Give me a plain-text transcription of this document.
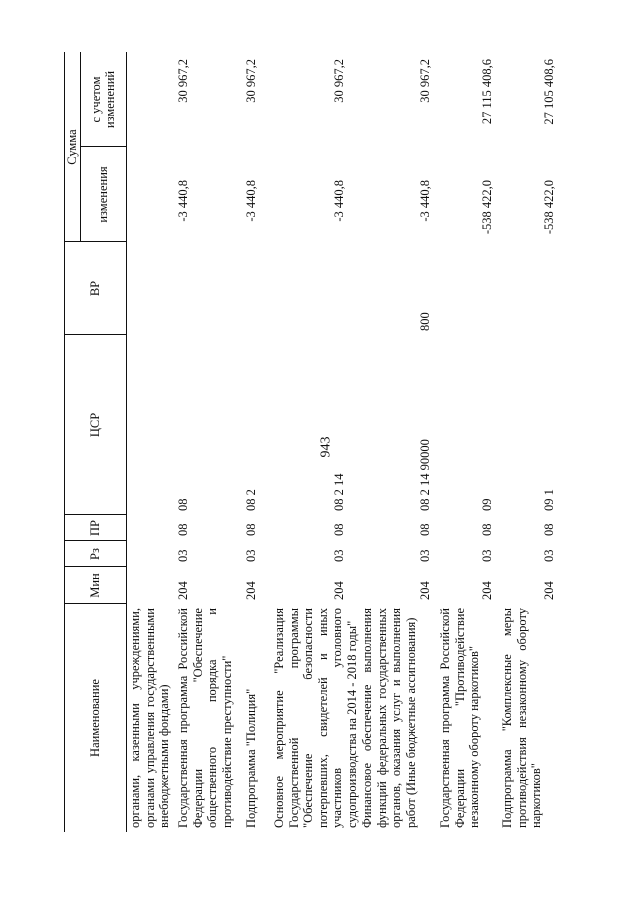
943
Наименование
Мин
Рз
ПР
ЦСР
ВР
Сумма
изменения
с учетом изменений
органами, казенными учреждениями, органами управления государственными внебюджетными фондами) Государственная программа Российской Федерации "Обеспечение общественного порядка и противодействие преступности"
204
03
08
08
-3 440,8
30 967,2
Подпрограмма "Полиция"
204
03
08
08 2
-3 440,8
30 967,2
Основное мероприятие "Реализация Государственной программы "Обеспечение безопасности потерпевших, свидетелей и иных участников уголовного судопроизводства на 2014 - 2018 годы"
204
03
08
08 2 14
-3 440,8
30 967,2
Финансовое обеспечение выполнения функций федеральных государственных органов, оказания услуг и выполнения работ (Иные бюджетные ассигнования)
204
03
08
08 2 14 90000
800
-3 440,8
30 967,2
Государственная программа Российской Федерации "Противодействие незаконному обороту наркотиков"
204
03
08
09
-538 422,0
27 115 408,6
Подпрограмма "Комплексные меры противодействия незаконному обороту наркотиков"
204
03
08
09 1
-538 422,0
27 105 408,6
